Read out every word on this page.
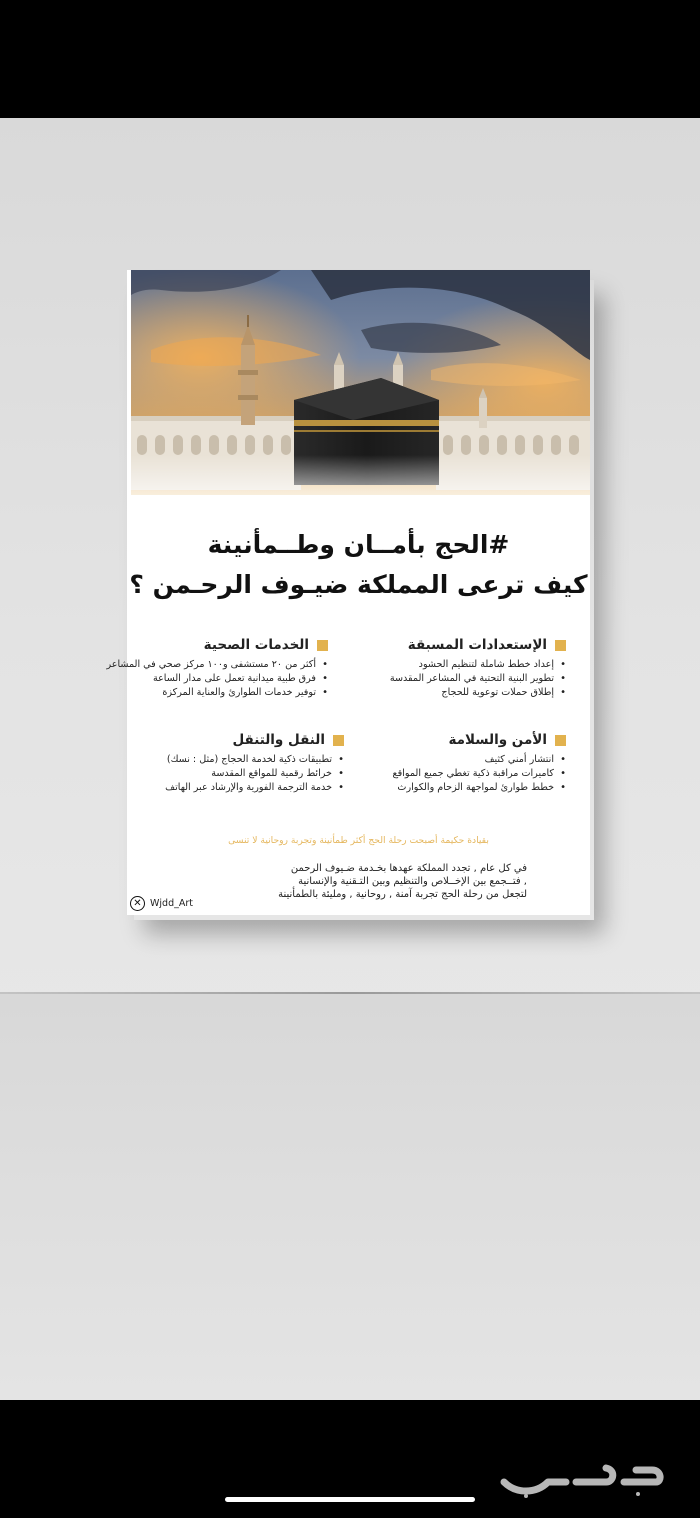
#الحج بأمــان وطــمأنينة
كيف ترعى المملكة ضيـوف الرحـمن ؟
الإستعدادات المسبقة
• إعداد خطط شاملة لتنظيم الحشود
• تطوير البنية التحتية في المشاعر المقدسة
• إطلاق حملات توعوية للحجاج
الخدمات الصحية
• أكثر من ٢٠ مستشفى و١٠٠ مركز صحي في المشاعر
• فرق طبية ميدانية تعمل على مدار الساعة
• توفير خدمات الطوارئ والعناية المركزة
الأمن والسلامة
• انتشار أمني كثيف
• كاميرات مراقبة ذكية تغطي جميع المواقع
• خطط طوارئ لمواجهة الزحام والكوارث
النقل والتنقل
• تطبيقات ذكية لخدمة الحجاج (مثل : نسك)
• خرائط رقمية للمواقع المقدسة
• خدمة الترجمة الفورية والإرشاد عبر الهاتف
بقيادة حكيمة أصبحت رحلة الحج أكثر طمأنينة وتجربة روحانية لا تنسى
في كل عام , تجدد المملكة عهدها بخـدمة ضـيوف الرحمن
, فتــجمع بين الإخــلاص والتنظيم وبين التـقنية والإنسانية
لتجعل من رحلة الحج تجربة آمنة , روحانية , ومليئة بالطمأنينة
✕ Wjdd_Art
